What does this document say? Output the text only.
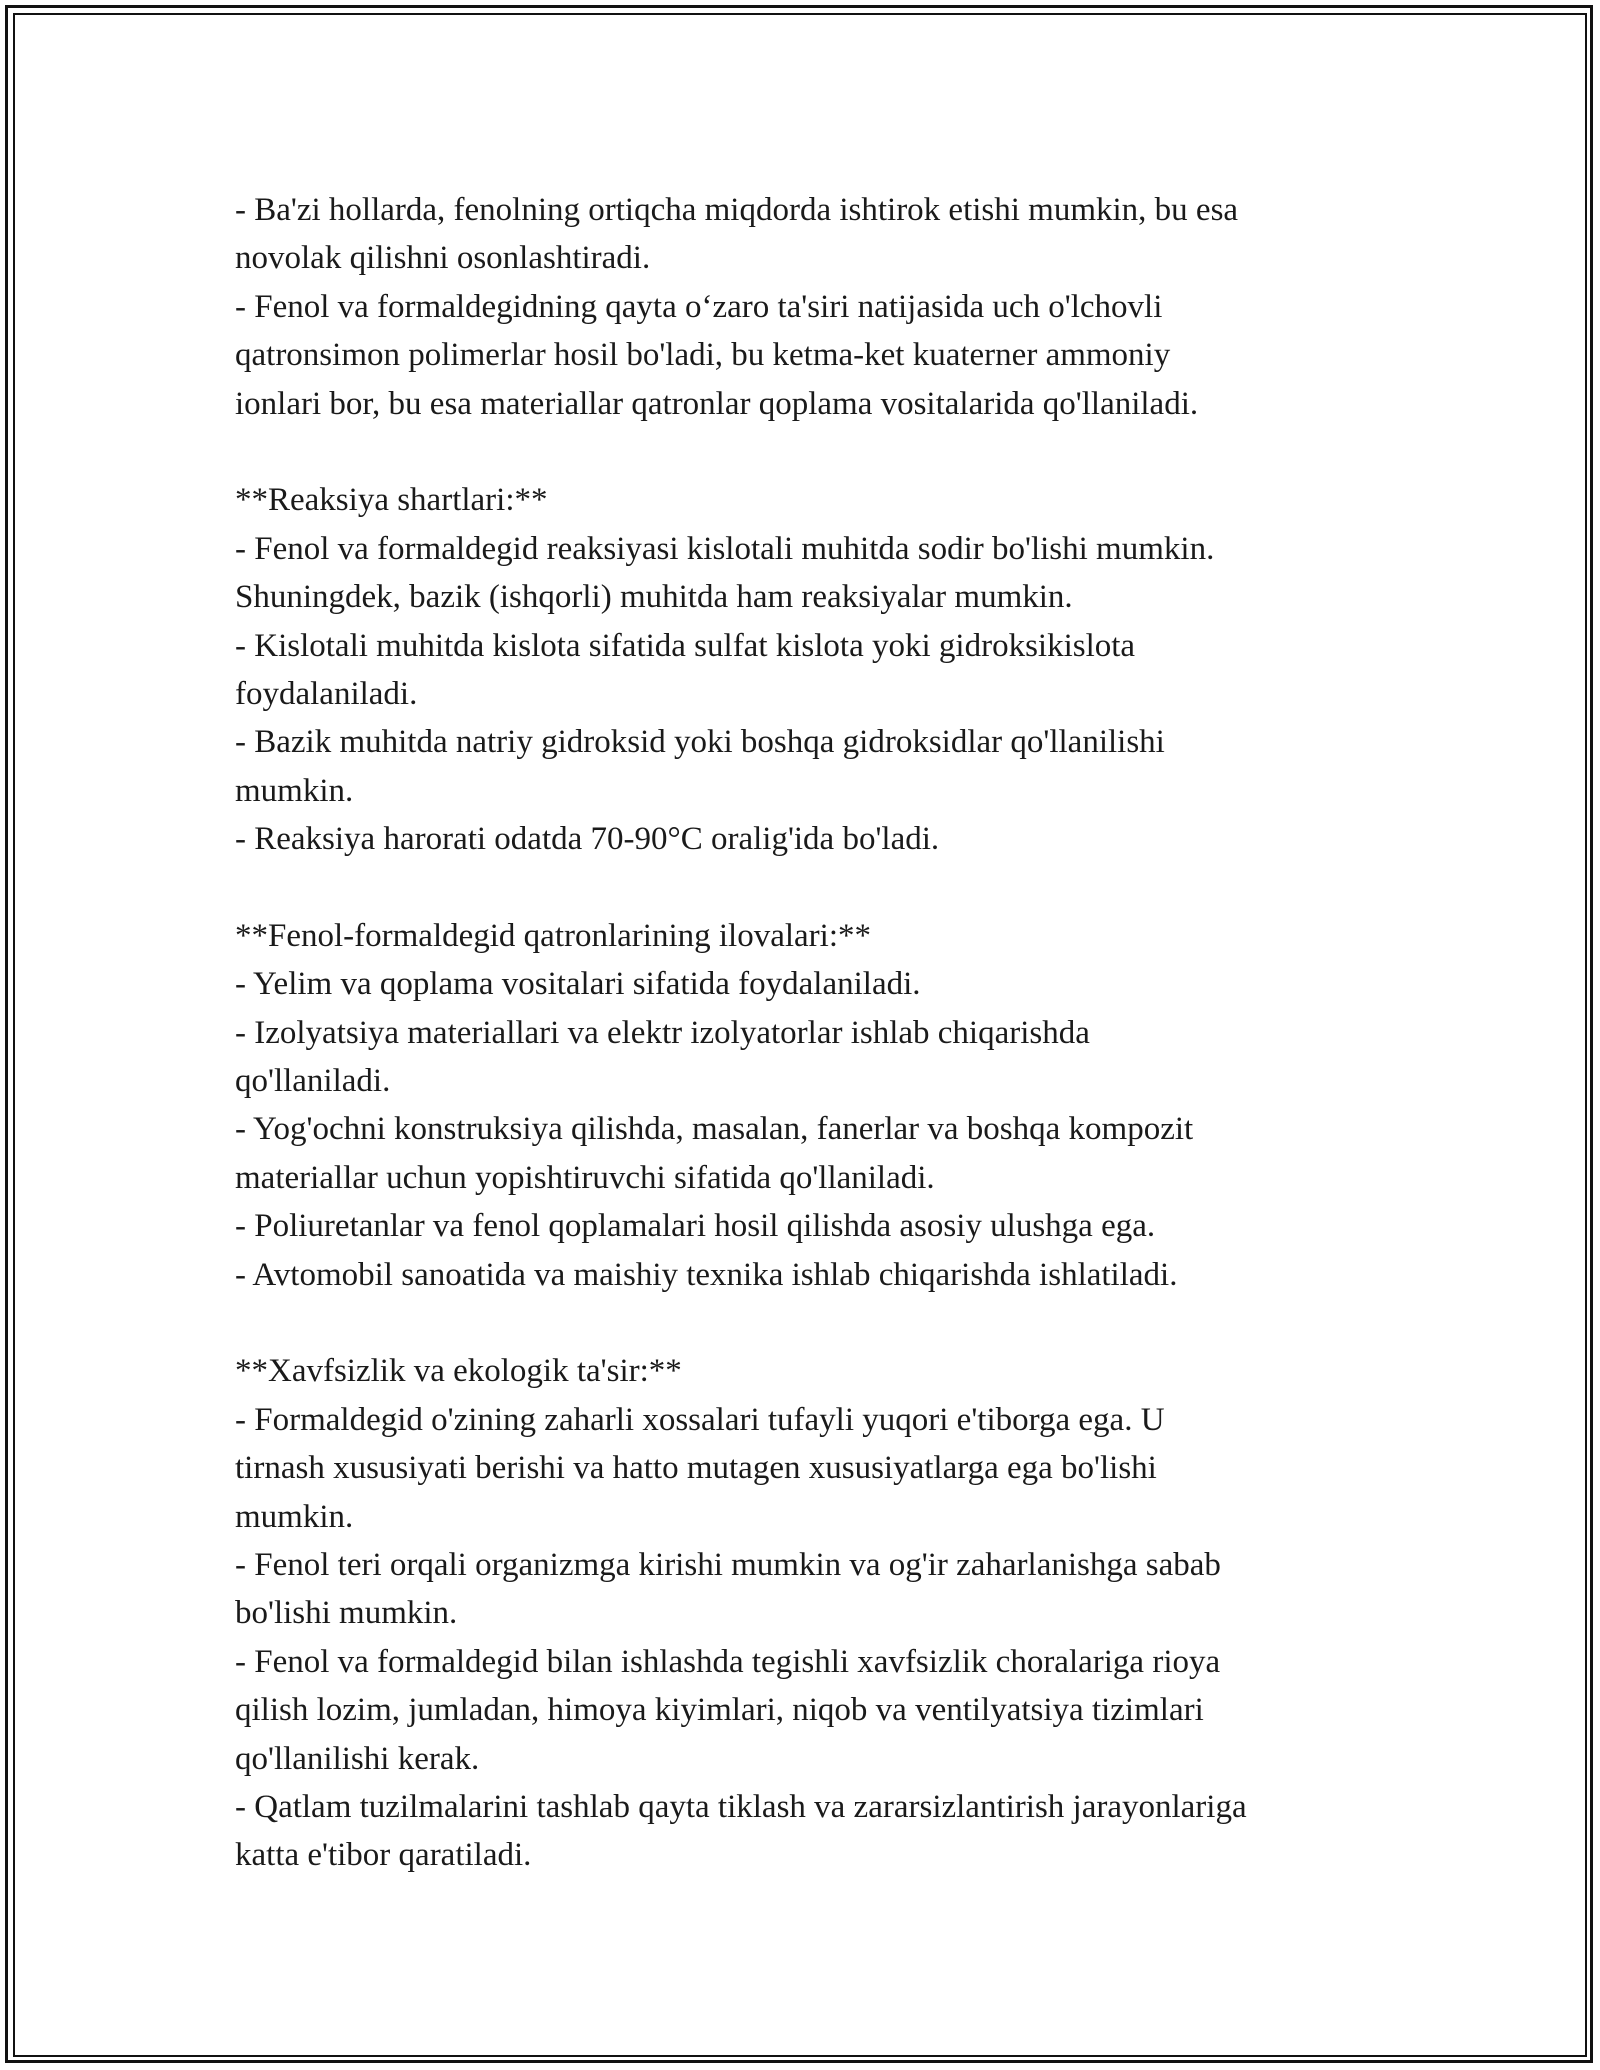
- Ba'zi hollarda, fenolning ortiqcha miqdorda ishtirok etishi mumkin, bu esa
novolak qilishni osonlashtiradi.
- Fenol va formaldegidning qayta o‘zaro ta'siri natijasida uch o'lchovli
qatronsimon polimerlar hosil bo'ladi, bu ketma-ket kuaterner ammoniy
ionlari bor, bu esa materiallar qatronlar qoplama vositalarida qo'llaniladi.
**Reaksiya shartlari:**
- Fenol va formaldegid reaksiyasi kislotali muhitda sodir bo'lishi mumkin.
Shuningdek, bazik (ishqorli) muhitda ham reaksiyalar mumkin.
- Kislotali muhitda kislota sifatida sulfat kislota yoki gidroksikislota
foydalaniladi.
- Bazik muhitda natriy gidroksid yoki boshqa gidroksidlar qo'llanilishi
mumkin.
- Reaksiya harorati odatda 70-90°C oralig'ida bo'ladi.
**Fenol-formaldegid qatronlarining ilovalari:**
- Yelim va qoplama vositalari sifatida foydalaniladi.
- Izolyatsiya materiallari va elektr izolyatorlar ishlab chiqarishda
qo'llaniladi.
- Yog'ochni konstruksiya qilishda, masalan, fanerlar va boshqa kompozit
materiallar uchun yopishtiruvchi sifatida qo'llaniladi.
- Poliuretanlar va fenol qoplamalari hosil qilishda asosiy ulushga ega.
- Avtomobil sanoatida va maishiy texnika ishlab chiqarishda ishlatiladi.
**Xavfsizlik va ekologik ta'sir:**
- Formaldegid o'zining zaharli xossalari tufayli yuqori e'tiborga ega. U
tirnash xususiyati berishi va hatto mutagen xususiyatlarga ega bo'lishi
mumkin.
- Fenol teri orqali organizmga kirishi mumkin va og'ir zaharlanishga sabab
bo'lishi mumkin.
- Fenol va formaldegid bilan ishlashda tegishli xavfsizlik choralariga rioya
qilish lozim, jumladan, himoya kiyimlari, niqob va ventilyatsiya tizimlari
qo'llanilishi kerak.
- Qatlam tuzilmalarini tashlab qayta tiklash va zararsizlantirish jarayonlariga
katta e'tibor qaratiladi.
